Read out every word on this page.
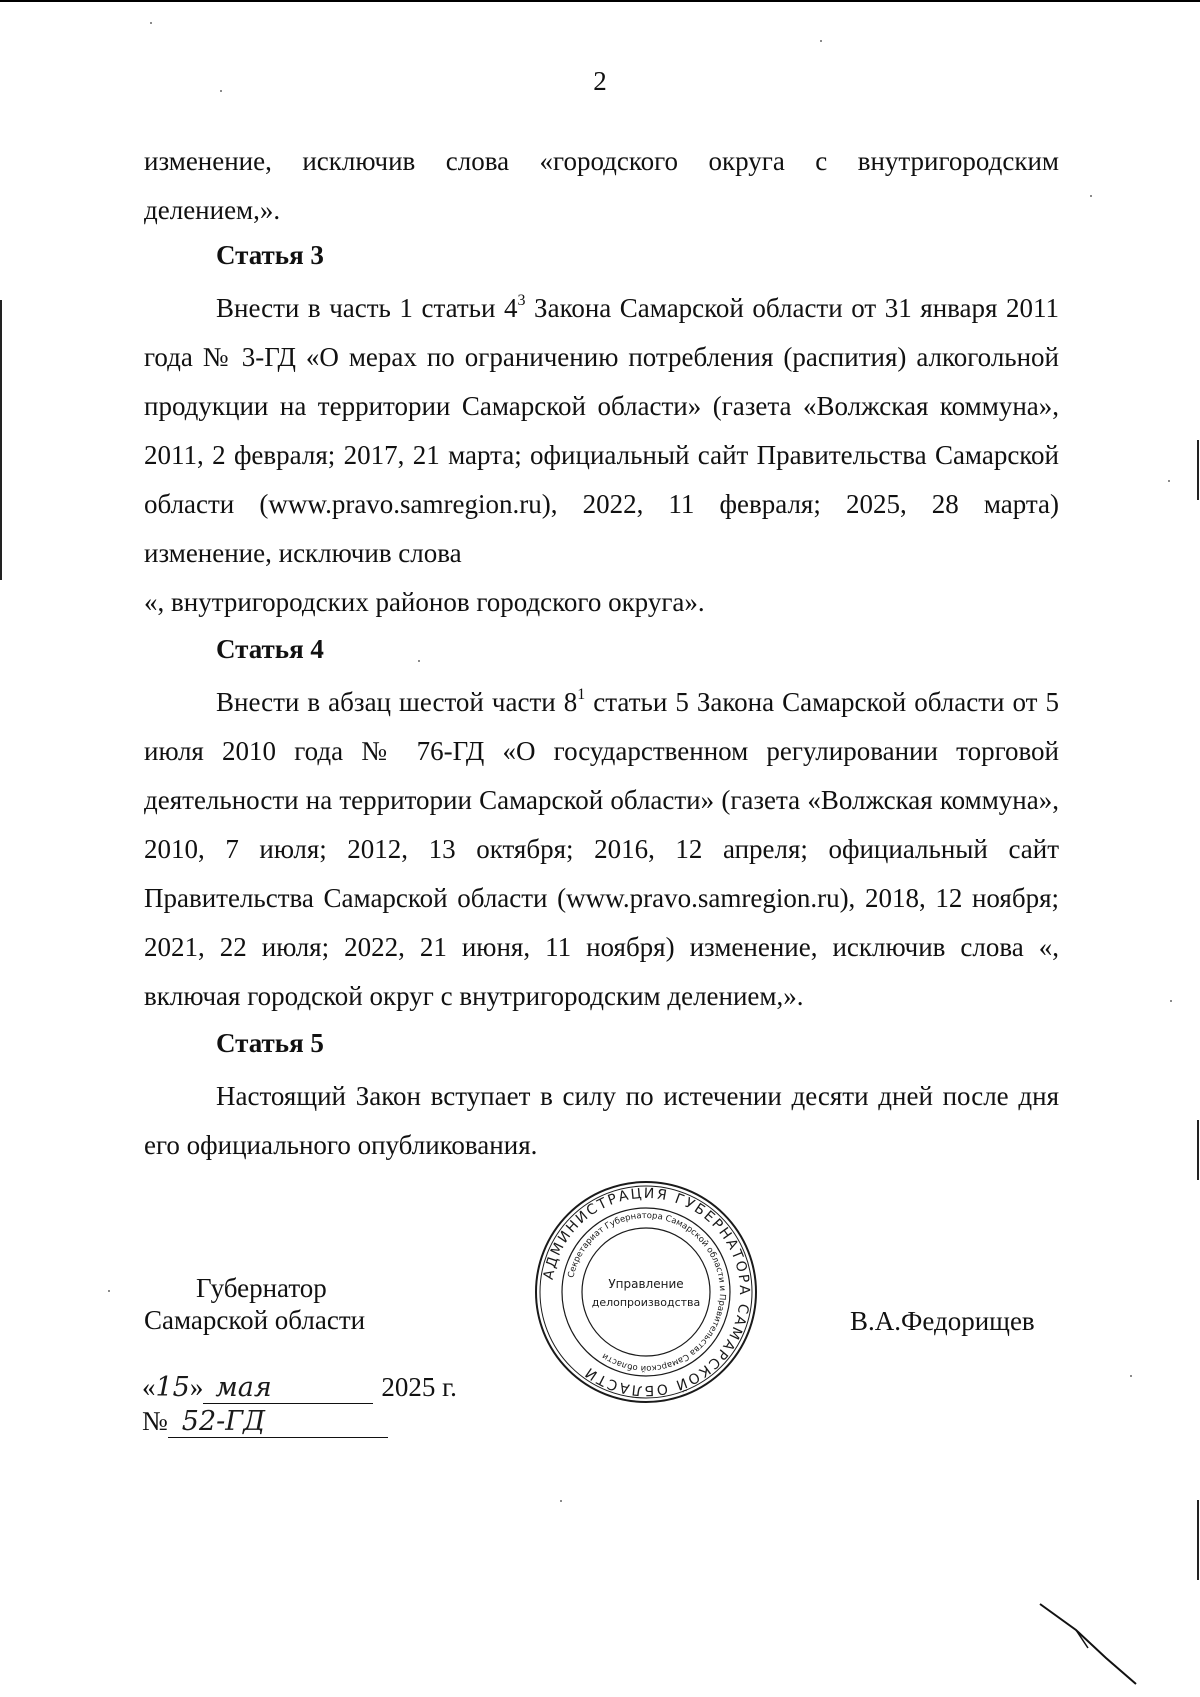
2
изменение, исключив слова «городского округа с внутригородским делением,».
Статья 3
Внести в часть 1 статьи $4^3$ Закона Самарской области от 31 января 2011 года № 3-ГД «О мерах по ограничению потребления (распития) алкогольной продукции на территории Самарской области» (газета «Волжская коммуна», 2011, 2 февраля; 2017, 21 марта; официальный сайт Правительства Самарской области (www.pravo.samregion.ru), 2022, 11 февраля; 2025, 28 марта) изменение, исключив слова
«, внутригородских районов городского округа».
Статья 4
Внести в абзац шестой части $8^1$ статьи 5 Закона Самарской области от 5 июля 2010 года № 76-ГД «О государственном регулировании торговой деятельности на территории Самарской области» (газета «Волжская коммуна», 2010, 7 июля; 2012, 13 октября; 2016, 12 апреля; официальный сайт Правительства Самарской области (www.pravo.samregion.ru), 2018, 12 ноября; 2021, 22 июля; 2022, 21 июня, 11 ноября) изменение, исключив слова «, включая городской округ с внутригородским делением,».
Статья 5
Настоящий Закон вступает в силу по истечении десяти дней после дня его официального опубликования.
Губернатор
Самарской области	В.А.Федорищев
«15» мая	2025 г.
№ 52-ГД
АДМИНИСТРАЦИЯ ГУБЕРНАТОРА САМАРСКОЙ ОБЛАСТИ
Секретариат Губернатора Самарской области и Правительства Самарской области
Управление
делопроизводства
